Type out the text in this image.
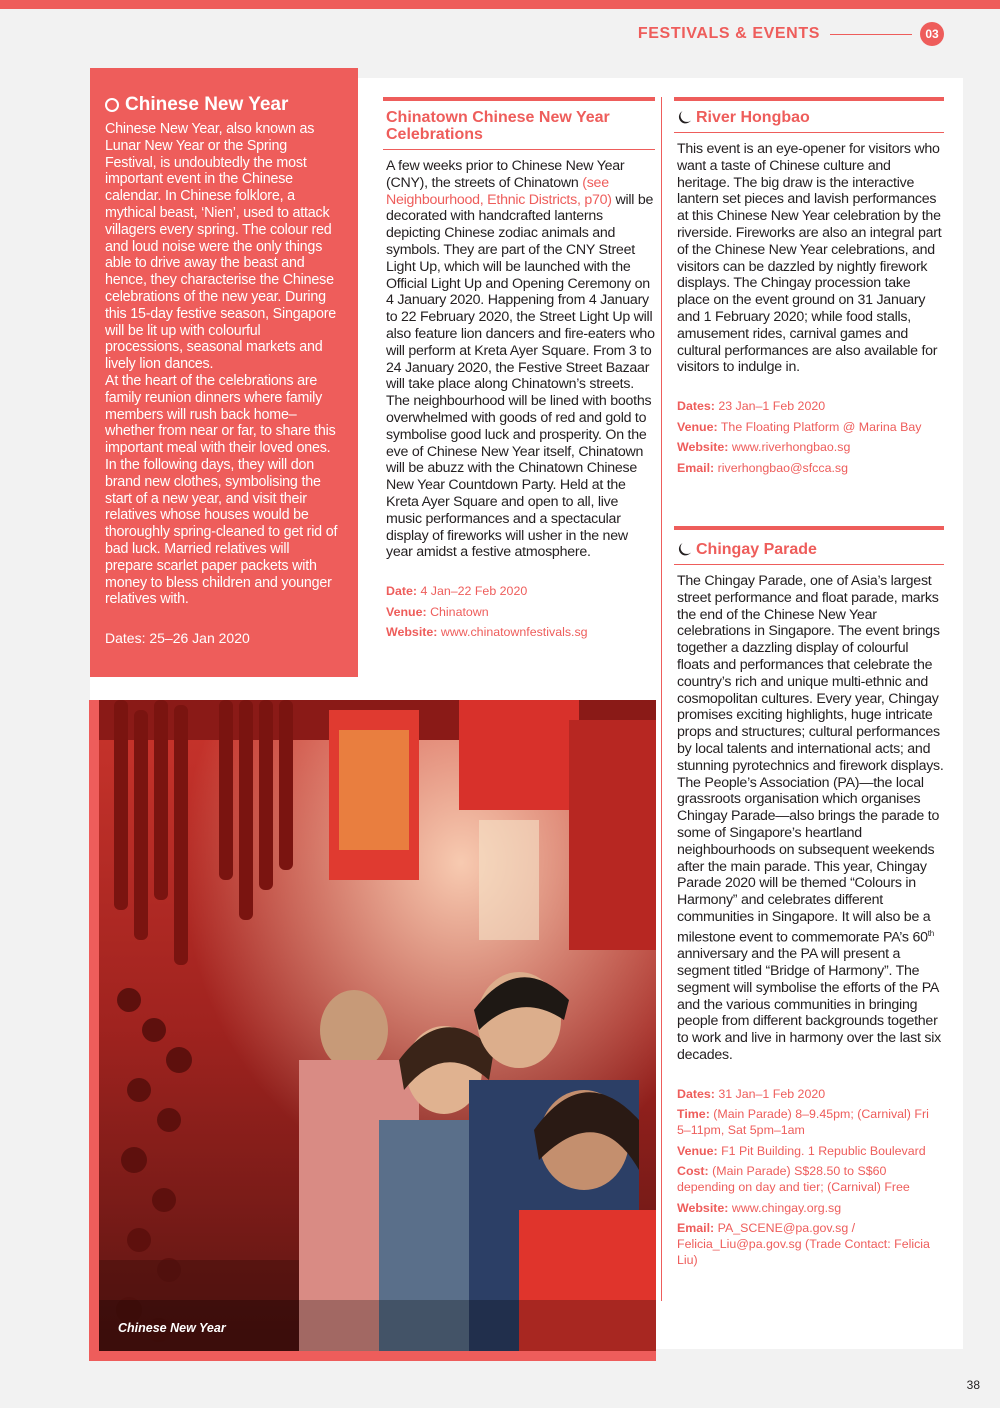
FESTIVALS & EVENTS	03
Chinese New Year
Chinese New Year, also known as Lunar New Year or the Spring Festival, is undoubtedly the most important event in the Chinese calendar. In Chinese folklore, a mythical beast, ‘Nien’, used to attack villagers every spring. The colour red and loud noise were the only things able to drive away the beast and hence, they characterise the Chinese celebrations of the new year. During this 15-day festive season, Singapore will be lit up with colourful processions, seasonal markets and lively lion dances.
At the heart of the celebrations are family reunion dinners where family members will rush back home–whether from near or far, to share this important meal with their loved ones. In the following days, they will don brand new clothes, symbolising the start of a new year, and visit their relatives whose houses would be thoroughly spring-cleaned to get rid of bad luck. Married relatives will prepare scarlet paper packets with money to bless children and younger relatives with.
Dates: 25–26 Jan 2020
Chinatown Chinese New Year Celebrations
A few weeks prior to Chinese New Year (CNY), the streets of Chinatown (see Neighbourhood, Ethnic Districts, p70) will be decorated with handcrafted lanterns depicting Chinese zodiac animals and symbols. They are part of the CNY Street Light Up, which will be launched with the Official Light Up and Opening Ceremony on 4 January 2020. Happening from 4 January to 22 February 2020, the Street Light Up will also feature lion dancers and fire-eaters who will perform at Kreta Ayer Square. From 3 to 24 January 2020, the Festive Street Bazaar will take place along Chinatown’s streets. The neighbourhood will be lined with booths overwhelmed with goods of red and gold to symbolise good luck and prosperity. On the eve of Chinese New Year itself, Chinatown will be abuzz with the Chinatown Chinese New Year Countdown Party. Held at the Kreta Ayer Square and open to all, live music performances and a spectacular display of fireworks will usher in the new year amidst a festive atmosphere.
Date: 4 Jan–22 Feb 2020
Venue: Chinatown
Website: www.chinatownfestivals.sg
River Hongbao
This event is an eye-opener for visitors who want a taste of Chinese culture and heritage. The big draw is the interactive lantern set pieces and lavish performances at this Chinese New Year celebration by the riverside. Fireworks are also an integral part of the Chinese New Year celebrations, and visitors can be dazzled by nightly firework displays. The Chingay procession take place on the event ground on 31 January and 1 February 2020; while food stalls, amusement rides, carnival games and cultural performances are also available for visitors to indulge in.
Dates: 23 Jan–1 Feb 2020
Venue: The Floating Platform @ Marina Bay
Website: www.riverhongbao.sg
Email: riverhongbao@sfcca.sg
Chingay Parade
The Chingay Parade, one of Asia’s largest street performance and float parade, marks the end of the Chinese New Year celebrations in Singapore. The event brings together a dazzling display of colourful floats and performances that celebrate the country’s rich and unique multi-ethnic and cosmopolitan cultures. Every year, Chingay promises exciting highlights, huge intricate props and structures; cultural performances by local talents and international acts; and stunning pyrotechnics and firework displays. The People’s Association (PA)—the local grassroots organisation which organises Chingay Parade—also brings the parade to some of Singapore’s heartland neighbourhoods on subsequent weekends after the main parade. This year, Chingay Parade 2020 will be themed “Colours in Harmony” and celebrates different communities in Singapore. It will also be a milestone event to commemorate PA’s 60th anniversary and the PA will present a segment titled “Bridge of Harmony”. The segment will symbolise the efforts of the PA and the various communities in bringing people from different backgrounds together to work and live in harmony over the last six decades.
Dates: 31 Jan–1 Feb 2020
Time: (Main Parade) 8–9.45pm; (Carnival) Fri 5–11pm, Sat 5pm–1am
Venue: F1 Pit Building. 1 Republic Boulevard
Cost: (Main Parade) S$28.50 to S$60 depending on day and tier; (Carnival) Free
Website: www.chingay.org.sg
Email: PA_SCENE@pa.gov.sg / Felicia_Liu@pa.gov.sg (Trade Contact: Felicia Liu)
Chinese New Year
38
